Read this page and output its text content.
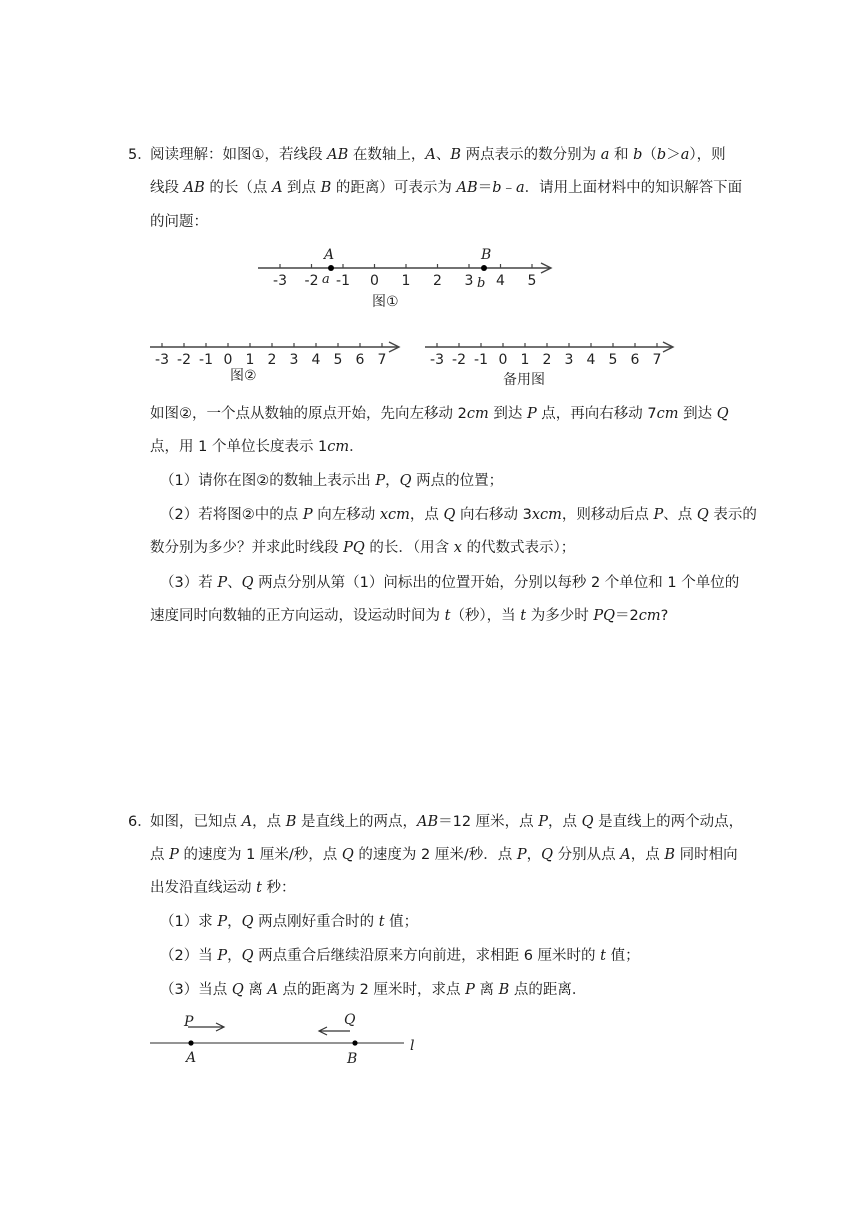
5．
阅读理解：如图①，若线段 AB 在数轴上，A、B 两点表示的数分别为 a 和 b（b＞a），则
线段 AB 的长（点 A 到点 B 的距离）可表示为 AB＝b﹣a．请用上面材料中的知识解答下面
的问题：
-3 -2 -1 0 1 2 3 4 5
A
a
B
b
图①
-3 -2 -1 0 1 2 3 4 5 6 7
图②
-3 -2 -1 0 1 2 3 4 5 6 7
备用图
P	Q
A	B
l
如图②，一个点从数轴的原点开始，先向左移动 2cm 到达 P 点，再向右移动 7cm 到达 Q
点，用 1 个单位长度表示 1cm．
（1）请你在图②的数轴上表示出 P，Q 两点的位置；
（2）若将图②中的点 P 向左移动 xcm，点 Q 向右移动 3xcm，则移动后点 P、点 Q 表示的
数分别为多少？并求此时线段 PQ 的长．（用含 x 的代数式表示）；
（3）若 P、Q 两点分别从第（1）问标出的位置开始，分别以每秒 2 个单位和 1 个单位的
速度同时向数轴的正方向运动，设运动时间为 t（秒），当 t 为多少时 PQ＝2cm?
6．
如图，已知点 A，点 B 是直线上的两点，AB＝12 厘米，点 P，点 Q 是直线上的两个动点，
点 P 的速度为 1 厘米/秒，点 Q 的速度为 2 厘米/秒．点 P，Q 分别从点 A，点 B 同时相向
出发沿直线运动 t 秒：
（1）求 P，Q 两点刚好重合时的 t 值；
（2）当 P，Q 两点重合后继续沿原来方向前进，求相距 6 厘米时的 t 值；
（3）当点 Q 离 A 点的距离为 2 厘米时，求点 P 离 B 点的距离．
